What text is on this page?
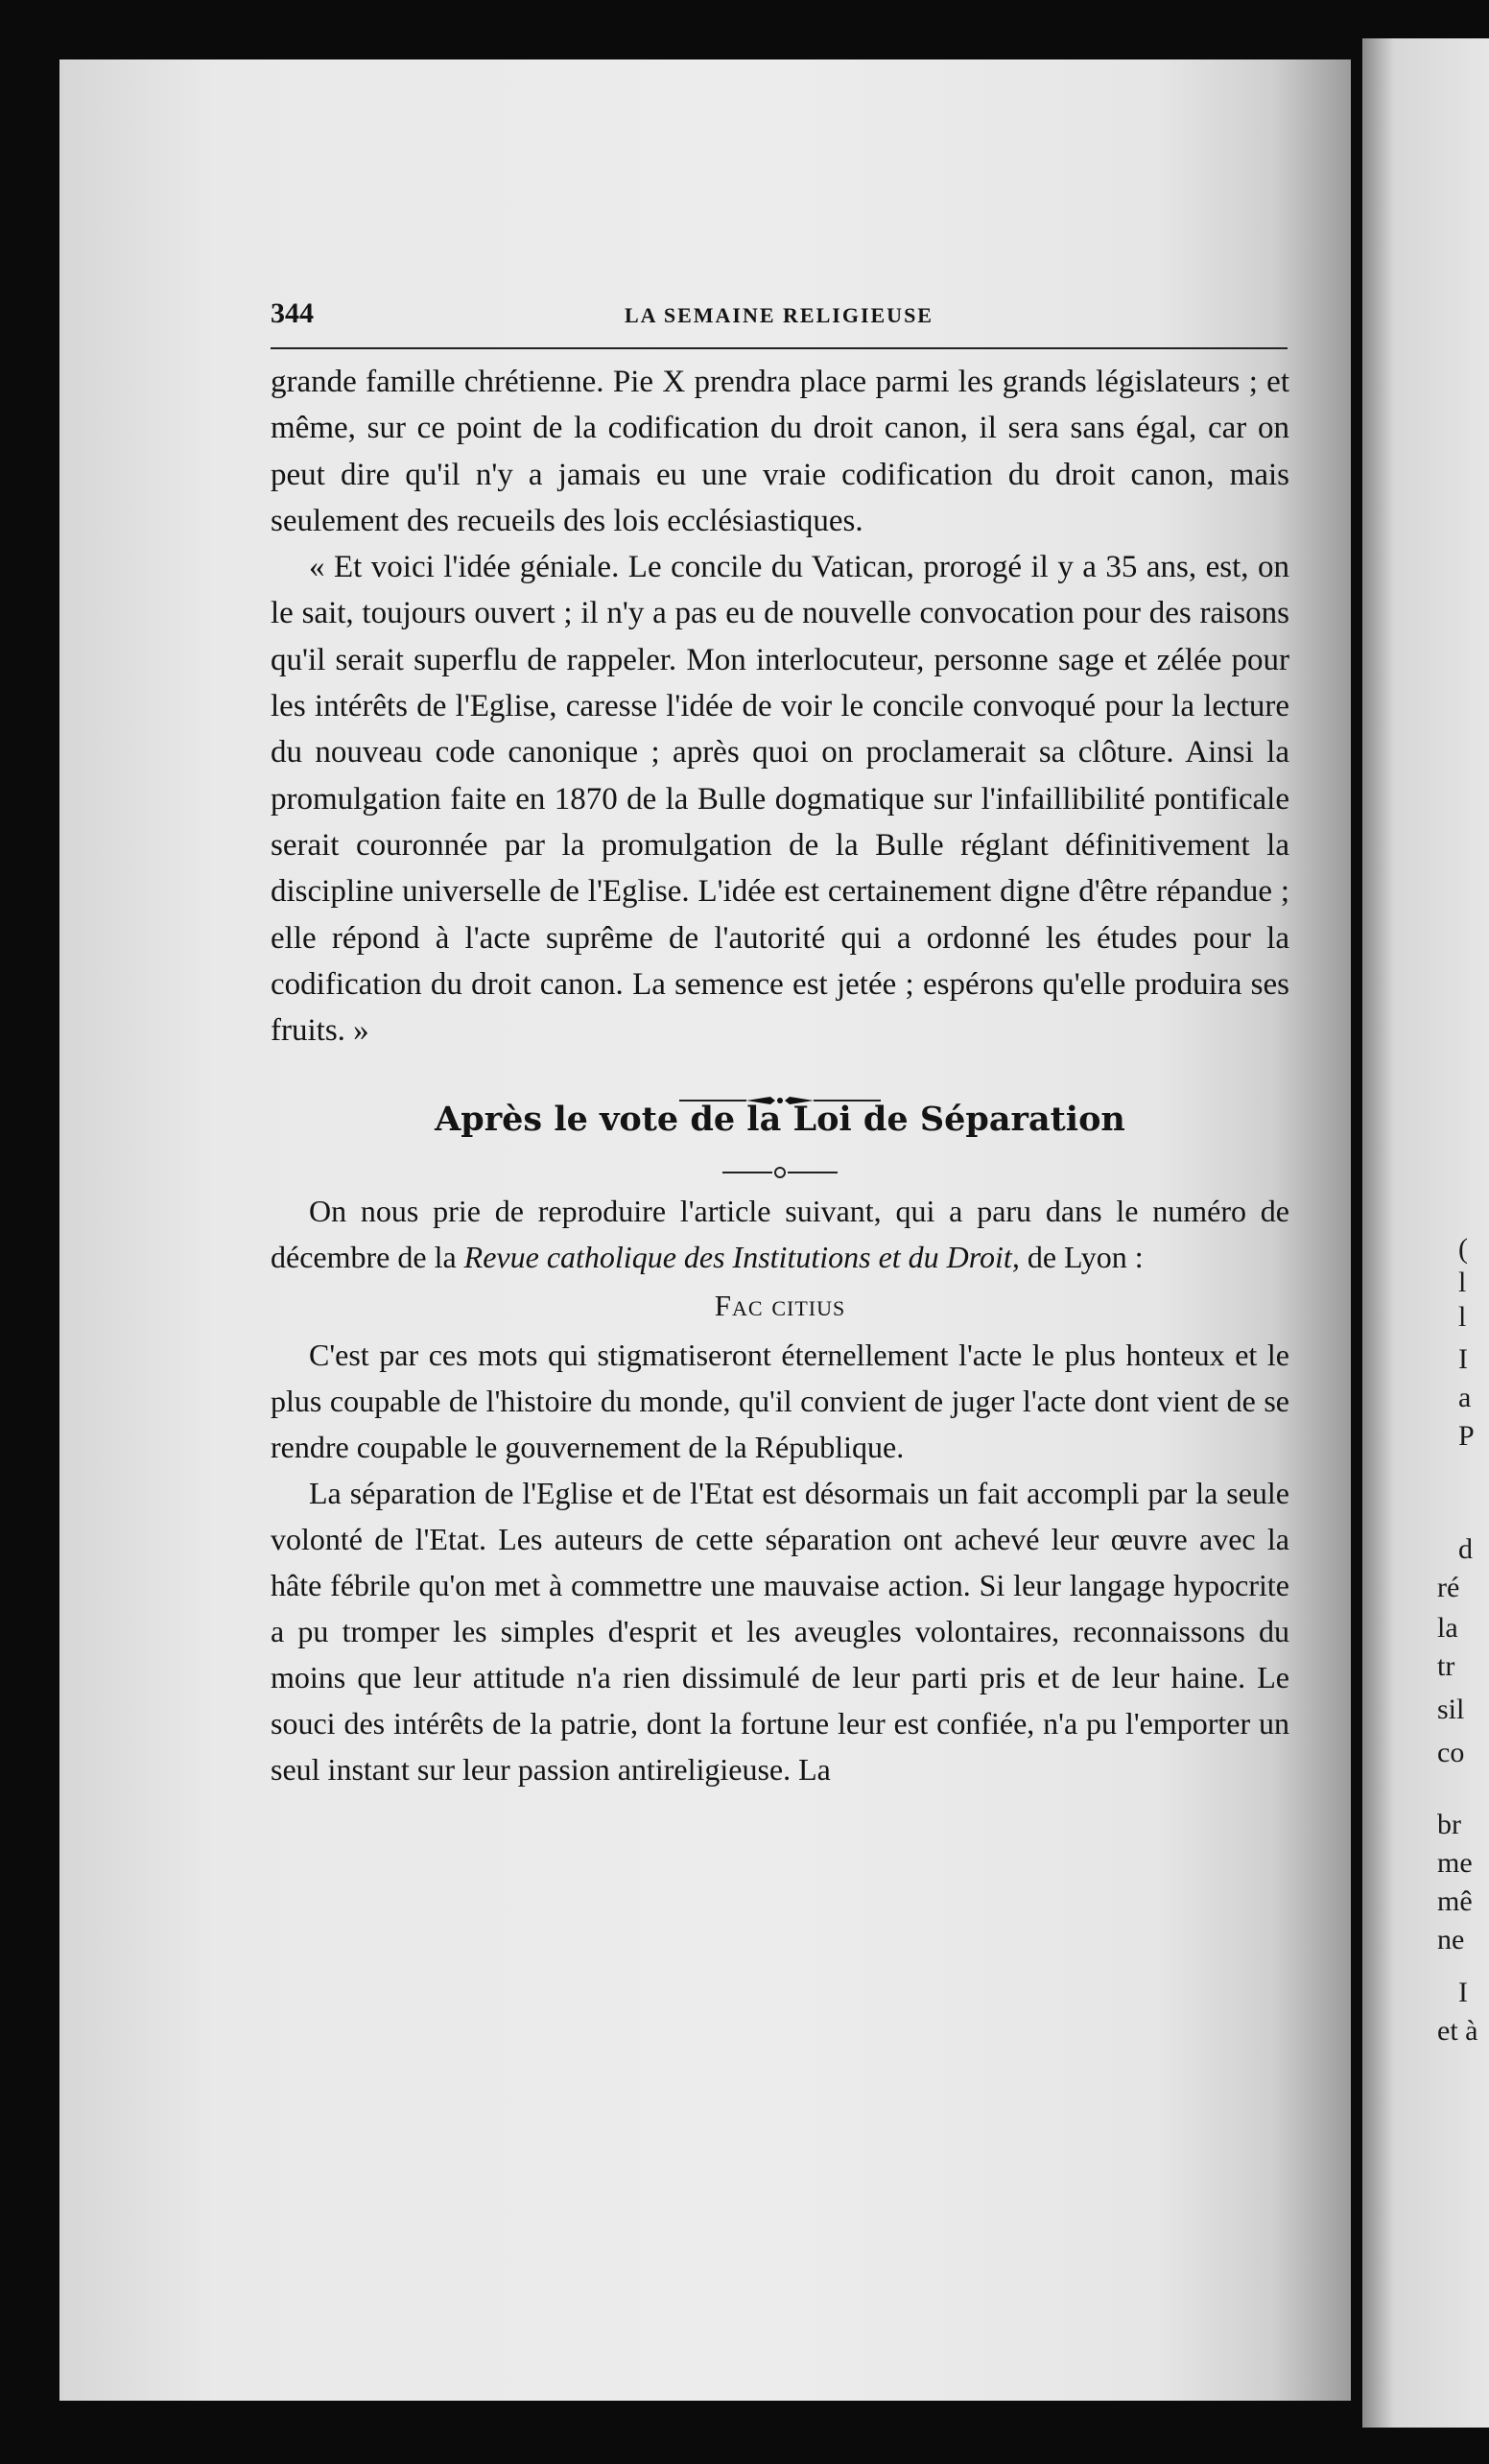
344	LA SEMAINE RELIGIEUSE

grande famille chrétienne. Pie X prendra place parmi les grands législateurs ; et même, sur ce point de la codification du droit canon, il sera sans égal, car on peut dire qu'il n'y a jamais eu une vraie codification du droit canon, mais seulement des recueils des lois ecclésiastiques.

« Et voici l'idée géniale. Le concile du Vatican, prorogé il y a 35 ans, est, on le sait, toujours ouvert ; il n'y a pas eu de nouvelle convocation pour des raisons qu'il serait superflu de rappeler. Mon interlocuteur, personne sage et zélée pour les intérêts de l'Eglise, caresse l'idée de voir le concile convoqué pour la lecture du nouveau code canonique ; après quoi on proclamerait sa clôture. Ainsi la promulgation faite en 1870 de la Bulle dogmatique sur l'infaillibilité pontificale serait couronnée par la promulgation de la Bulle réglant définitivement la discipline universelle de l'Eglise. L'idée est certainement digne d'être répandue ; elle répond à l'acte suprême de l'autorité qui a ordonné les études pour la codification du droit canon. La semence est jetée ; espérons qu'elle produira ses fruits. »

Après le vote de la Loi de Séparation

On nous prie de reproduire l'article suivant, qui a paru dans le numéro de décembre de la Revue catholique des Institutions et du Droit, de Lyon :

Fac citius

C'est par ces mots qui stigmatiseront éternellement l'acte le plus honteux et le plus coupable de l'histoire du monde, qu'il convient de juger l'acte dont vient de se rendre coupable le gouvernement de la République.

La séparation de l'Eglise et de l'Etat est désormais un fait accompli par la seule volonté de l'Etat. Les auteurs de cette séparation ont achevé leur œuvre avec la hâte fébrile qu'on met à commettre une mauvaise action. Si leur langage hypocrite a pu tromper les simples d'esprit et les aveugles volontaires, reconnaissons du moins que leur attitude n'a rien dissimulé de leur parti pris et de leur haine. Le souci des intérêts de la patrie, dont la fortune leur est confiée, n'a pu l'emporter un seul instant sur leur passion antireligieuse. La

(
l
l
I
a
P
d
ré
la
tr
sil
co
br
me
mê
ne
I
et à
